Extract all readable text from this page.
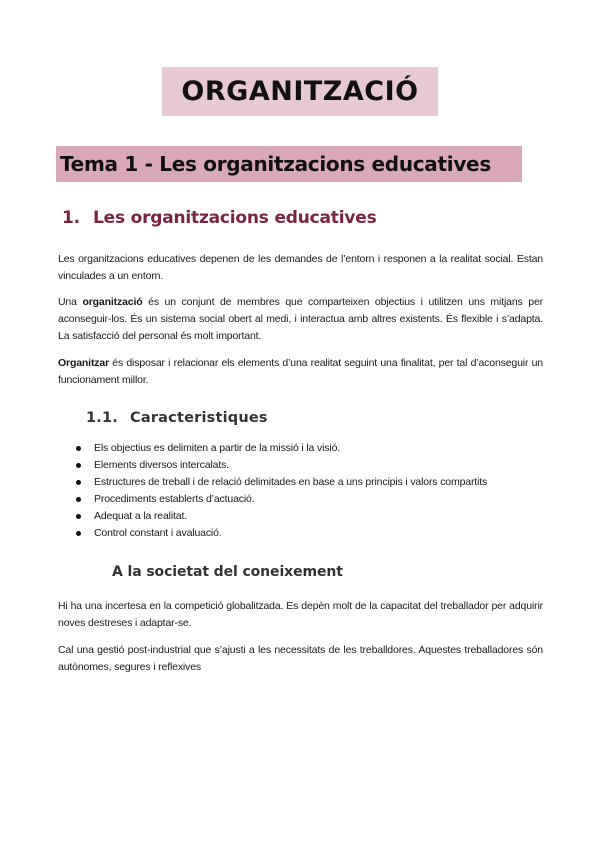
ORGANITZACIÓ
Tema 1 - Les organitzacions educatives
1. Les organitzacions educatives

Les organitzacions educatives depenen de les demandes de l’entorn i responen a la realitat social. Estan vinculades a un entorn.

Una organització és un conjunt de membres que comparteixen objectius i utilitzen uns mitjans per aconseguir-los. És un sistema social obert al medi, i interactua amb altres existents. És flexible i s’adapta. La satisfacció del personal és molt important.

Organitzar és disposar i relacionar els elements d’una realitat seguint una finalitat, per tal d’aconseguir un funcionament millor.

1.1. Caracteristiques
Els objectius es delimiten a partir de la missió i la visió.
Elements diversos intercalats.
Estructures de treball i de relació delimitades en base a uns principis i valors compartits
Procediments establerts d’actuació.
Adequat a la realitat.
Control constant i avaluació.
A la societat del coneixement

Hi ha una incertesa en la competició globalitzada. Es depèn molt de la capacitat del treballador per adquirir noves destreses i adaptar-se.

Cal una gestió post-industrial que s’ajusti a les necessitats de les treballdores. Aquestes treballadores són autònomes, segures i reflexives
